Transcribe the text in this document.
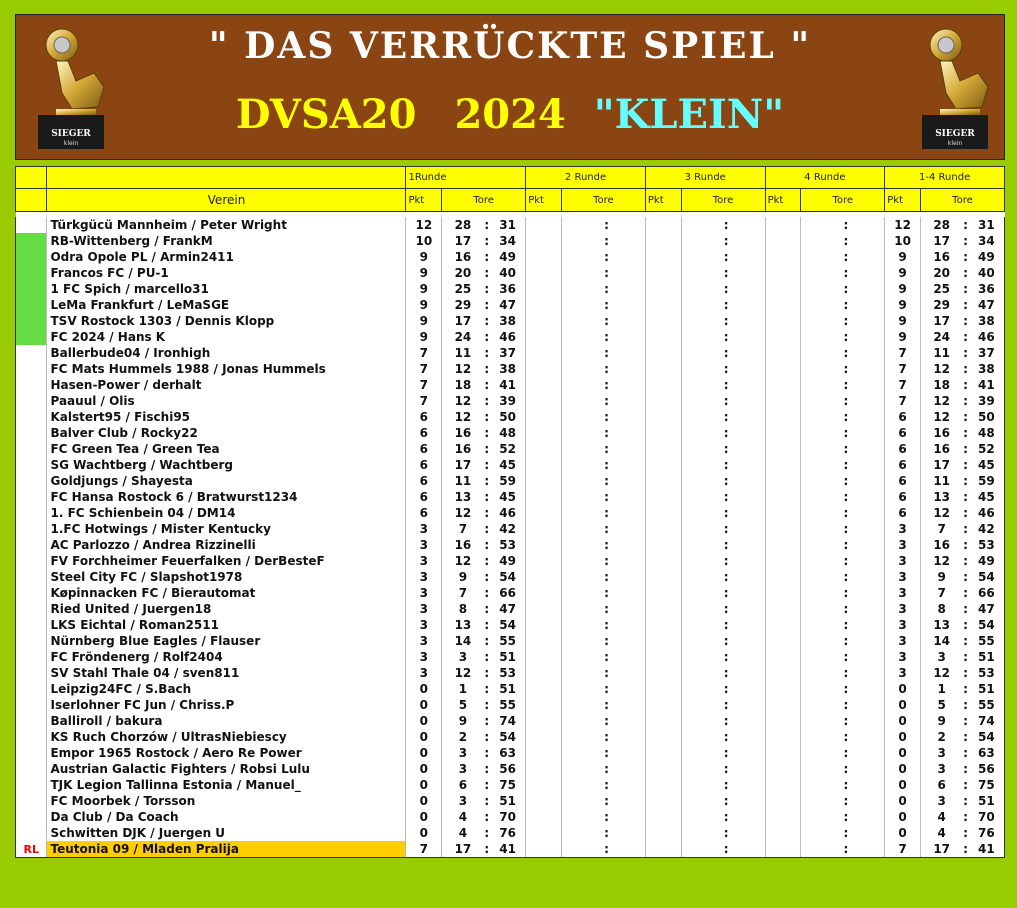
SIEGER
klein
" DAS VERRÜCKTE SPIEL "
DVSA20 2024 "KLEIN"	SIEGER
klein
		1Runde				2 Runde				3 Runde				4 Runde				1-4 Runde			
	Verein	Pkt	Tore			Pkt	Tore			Pkt	Tore			Pkt	Tore			Pkt	Tore		

	Türkgücü Mannheim / Peter Wright	12	28	:	31			:				:				:		12	28	:	31
	RB-Wittenberg / FrankM	10	17	:	34			:				:				:		10	17	:	34
	Odra Opole PL / Armin2411	9	16	:	49			:				:				:		9	16	:	49
	Francos FC / PU-1	9	20	:	40			:				:				:		9	20	:	40
	1 FC Spich / marcello31	9	25	:	36			:				:				:		9	25	:	36
	LeMa Frankfurt / LeMaSGE	9	29	:	47			:				:				:		9	29	:	47
	TSV Rostock 1303 / Dennis Klopp	9	17	:	38			:				:				:		9	17	:	38
	FC 2024 / Hans K	9	24	:	46			:				:				:		9	24	:	46
	Ballerbude04 / Ironhigh	7	11	:	37			:				:				:		7	11	:	37
	FC Mats Hummels 1988 / Jonas Hummels	7	12	:	38			:				:				:		7	12	:	38
	Hasen-Power / derhalt	7	18	:	41			:				:				:		7	18	:	41
	Paauul / Olis	7	12	:	39			:				:				:		7	12	:	39
	Kalstert95 / Fischi95	6	12	:	50			:				:				:		6	12	:	50
	Balver Club / Rocky22	6	16	:	48			:				:				:		6	16	:	48
	FC Green Tea / Green Tea	6	16	:	52			:				:				:		6	16	:	52
	SG Wachtberg / Wachtberg	6	17	:	45			:				:				:		6	17	:	45
	Goldjungs / Shayesta	6	11	:	59			:				:				:		6	11	:	59
	FC Hansa Rostock 6 / Bratwurst1234	6	13	:	45			:				:				:		6	13	:	45
	1. FC Schienbein 04 / DM14	6	12	:	46			:				:				:		6	12	:	46
	1.FC Hotwings / Mister Kentucky	3	7	:	42			:				:				:		3	7	:	42
	AC Parlozzo / Andrea Rizzinelli	3	16	:	53			:				:				:		3	16	:	53
	FV Forchheimer Feuerfalken / DerBesteF	3	12	:	49			:				:				:		3	12	:	49
	Steel City FC / Slapshot1978	3	9	:	54			:				:				:		3	9	:	54
	Køpinnacken FC / Bierautomat	3	7	:	66			:				:				:		3	7	:	66
	Ried United / Juergen18	3	8	:	47			:				:				:		3	8	:	47
	LKS Eichtal / Roman2511	3	13	:	54			:				:				:		3	13	:	54
	Nürnberg Blue Eagles / Flauser	3	14	:	55			:				:				:		3	14	:	55
	FC Fröndenerg / Rolf2404	3	3	:	51			:				:				:		3	3	:	51
	SV Stahl Thale 04 / sven811	3	12	:	53			:				:				:		3	12	:	53
	Leipzig24FC / S.Bach	0	1	:	51			:				:				:		0	1	:	51
	Iserlohner FC Jun / Chriss.P	0	5	:	55			:				:				:		0	5	:	55
	Balliroll / bakura	0	9	:	74			:				:				:		0	9	:	74
	KS Ruch Chorzów / UltrasNiebiescy	0	2	:	54			:				:				:		0	2	:	54
	Empor 1965 Rostock / Aero Re Power	0	3	:	63			:				:				:		0	3	:	63
	Austrian Galactic Fighters / Robsi Lulu	0	3	:	56			:				:				:		0	3	:	56
	TJK Legion Tallinna Estonia / Manuel_	0	6	:	75			:				:				:		0	6	:	75
	FC Moorbek / Torsson	0	3	:	51			:				:				:		0	3	:	51
	Da Club / Da Coach	0	4	:	70			:				:				:		0	4	:	70
	Schwitten DJK / Juergen U	0	4	:	76			:				:				:		0	4	:	76
RL	Teutonia 09 / Mladen Pralija	7	17	:	41			:				:				:		7	17	:	41
